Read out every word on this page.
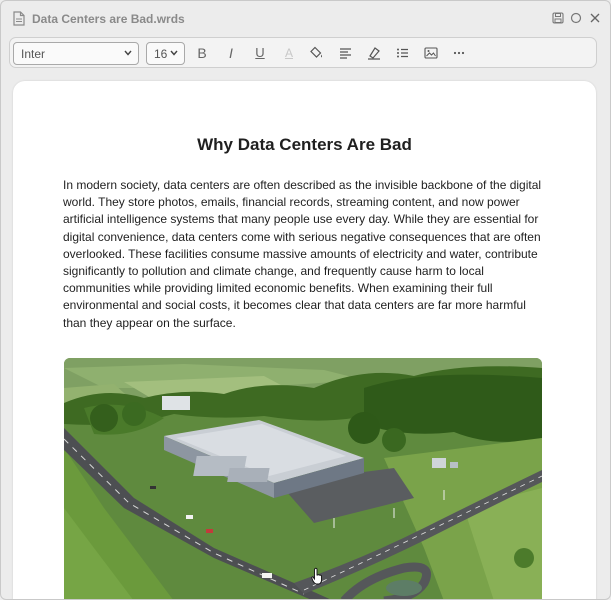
Data Centers are Bad.wrds
Inter	16	B I U A
Why Data Centers Are Bad

In modern society, data centers are often described as the invisible backbone of the digital world. They store photos, emails, financial records, streaming content, and now power artificial intelligence systems that many people use every day. While they are essential for digital convenience, data centers come with serious negative consequences that are often overlooked. These facilities consume massive amounts of electricity and water, contribute significantly to pollution and climate change, and frequently cause harm to local communities while providing limited economic benefits. When examining their full environmental and social costs, it becomes clear that data centers are far more harmful than they appear on the surface.
